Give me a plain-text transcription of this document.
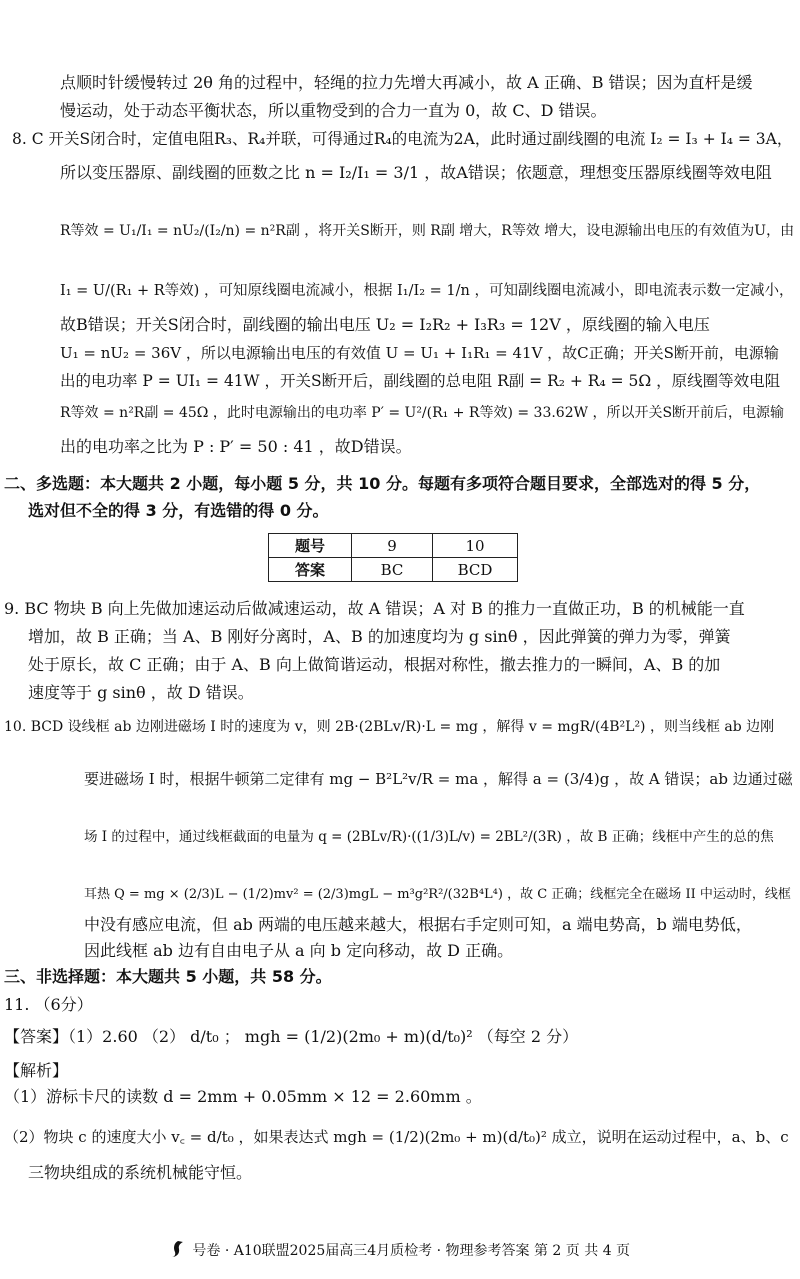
点顺时针缓慢转过 2θ 角的过程中，轻绳的拉力先增大再减小，故 A 正确、B 错误；因为直杆是缓
慢运动，处于动态平衡状态，所以重物受到的合力一直为 0，故 C、D 错误。
8. C 开关S闭合时，定值电阻R₃、R₄并联，可得通过R₄的电流为2A，此时通过副线圈的电流 I₂ = I₃ + I₄ = 3A，
所以变压器原、副线圈的匝数之比 n = I₂/I₁ = 3/1 ，故A错误；依题意，理想变压器原线圈等效电阻
R等效 = U₁/I₁ = nU₂/(I₂/n) = n²R副 ，将开关S断开，则 R副 增大，R等效 增大，设电源输出电压的有效值为U，由
I₁ = U/(R₁ + R等效) ，可知原线圈电流减小，根据 I₁/I₂ = 1/n ，可知副线圈电流减小，即电流表示数一定减小，
故B错误；开关S闭合时，副线圈的输出电压 U₂ = I₂R₂ + I₃R₃ = 12V ，原线圈的输入电压
U₁ = nU₂ = 36V ，所以电源输出电压的有效值 U = U₁ + I₁R₁ = 41V ，故C正确；开关S断开前，电源输
出的电功率 P = UI₁ = 41W ，开关S断开后，副线圈的总电阻 R副 = R₂ + R₄ = 5Ω ，原线圈等效电阻
R等效 = n²R副 = 45Ω ，此时电源输出的电功率 P′ = U²/(R₁ + R等效) = 33.62W ，所以开关S断开前后，电源输
出的电功率之比为 P : P′ = 50 : 41 ，故D错误。
二、多选题：本大题共 2 小题，每小题 5 分，共 10 分。每题有多项符合题目要求，全部选对的得 5 分，
选对但不全的得 3 分，有选错的得 0 分。
9. BC 物块 B 向上先做加速运动后做减速运动，故 A 错误；A 对 B 的推力一直做正功，B 的机械能一直
增加，故 B 正确；当 A、B 刚好分离时，A、B 的加速度均为 g sinθ ，因此弹簧的弹力为零，弹簧
处于原长，故 C 正确；由于 A、B 向上做简谐运动，根据对称性，撤去推力的一瞬间，A、B 的加
速度等于 g sinθ ，故 D 错误。
10. BCD 设线框 ab 边刚进磁场 I 时的速度为 v，则 2B·(2BLv/R)·L = mg ，解得 v = mgR/(4B²L²) ，则当线框 ab 边刚
要进磁场 I 时，根据牛顿第二定律有 mg − B²L²v/R = ma ，解得 a = (3/4)g ，故 A 错误；ab 边通过磁
场 I 的过程中，通过线框截面的电量为 q = (2BLv/R)·((1/3)L/v) = 2BL²/(3R) ，故 B 正确；线框中产生的总的焦
耳热 Q = mg × (2/3)L − (1/2)mv² = (2/3)mgL − m³g²R²/(32B⁴L⁴) ，故 C 正确；线框完全在磁场 II 中运动时，线框
中没有感应电流，但 ab 两端的电压越来越大，根据右手定则可知，a 端电势高，b 端电势低，
因此线框 ab 边有自由电子从 a 向 b 定向移动，故 D 正确。
三、非选择题：本大题共 5 小题，共 58 分。
11. （6分）
【答案】（1）2.60 （2） d/t₀ ； mgh = (1/2)(2m₀ + m)(d/t₀)² （每空 2 分）
【解析】
（1）游标卡尺的读数 d = 2mm + 0.05mm × 12 = 2.60mm 。
（2）物块 c 的速度大小 v꜀ = d/t₀ ，如果表达式 mgh = (1/2)(2m₀ + m)(d/t₀)² 成立，说明在运动过程中，a、b、c
三物块组成的系统机械能守恒。
题号	9	10
答案	BC	BCD
号卷 · A10联盟2025届高三4月质检考 · 物理参考答案 第 2 页 共 4 页
